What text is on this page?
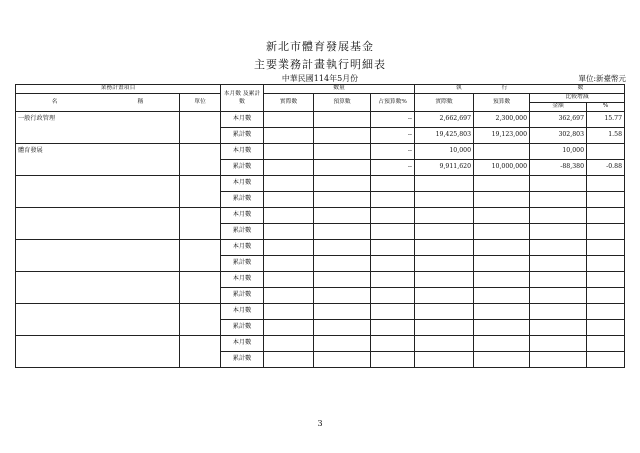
新北市體育發展基金
主要業務計畫執行明細表
中華民國114年5月份	單位:新臺幣元
業務計畫項目		本月數 及累計數	數量			執 行 數			
名 稱	單位		實際數	預算數	占預算數%	實際數	預算數	比較增減	
								金額	%
一般行政管理		本月數			--	2,662,697	2,300,000	362,697	15.77
		累計數			--	19,425,803	19,123,000	302,803	1.58
體育發展		本月數			--	10,000		10,000	
		累計數			--	9,911,620	10,000,000	-88,380	-0.88
		本月數							
		累計數							
		本月數							
		累計數							
		本月數							
		累計數							
		本月數							
		累計數							
		本月數							
		累計數							
		本月數							
		累計數							
3
